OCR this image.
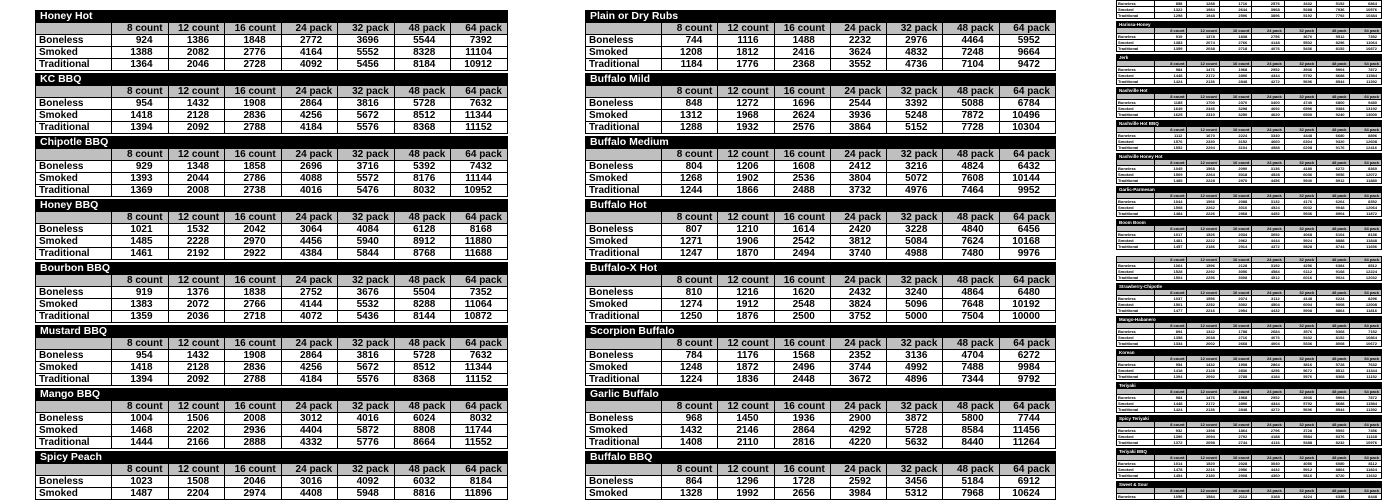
Honey Hot							
	8 count	12 count	16 count	24 pack	32 pack	48 pack	64 pack
Boneless	924	1386	1848	2772	3696	5544	7392
Smoked	1388	2082	2776	4164	5552	8328	11104
Traditional	1364	2046	2728	4092	5456	8184	10912
KC BBQ							
	8 count	12 count	16 count	24 pack	32 pack	48 pack	64 pack
Boneless	954	1432	1908	2864	3816	5728	7632
Smoked	1418	2128	2836	4256	5672	8512	11344
Traditional	1394	2092	2788	4184	5576	8368	11152
Chipotle BBQ							
	8 count	12 count	16 count	24 pack	32 pack	48 pack	64 pack
Boneless	929	1348	1858	2696	3716	5392	7432
Smoked	1393	2044	2786	4088	5572	8176	11144
Traditional	1369	2008	2738	4016	5476	8032	10952
Honey BBQ							
	8 count	12 count	16 count	24 pack	32 pack	48 pack	64 pack
Boneless	1021	1532	2042	3064	4084	6128	8168
Smoked	1485	2228	2970	4456	5940	8912	11880
Traditional	1461	2192	2922	4384	5844	8768	11688
Bourbon BBQ							
	8 count	12 count	16 count	24 pack	32 pack	48 pack	64 pack
Boneless	919	1376	1838	2752	3676	5504	7352
Smoked	1383	2072	2766	4144	5532	8288	11064
Traditional	1359	2036	2718	4072	5436	8144	10872
Mustard BBQ							
	8 count	12 count	16 count	24 pack	32 pack	48 pack	64 pack
Boneless	954	1432	1908	2864	3816	5728	7632
Smoked	1418	2128	2836	4256	5672	8512	11344
Traditional	1394	2092	2788	4184	5576	8368	11152
Mango BBQ							
	8 count	12 count	16 count	24 pack	32 pack	48 pack	64 pack
Boneless	1004	1506	2008	3012	4016	6024	8032
Smoked	1468	2202	2936	4404	5872	8808	11744
Traditional	1444	2166	2888	4332	5776	8664	11552
Spicy Peach							
	8 count	12 count	16 count	24 pack	32 pack	48 pack	64 pack
Boneless	1023	1508	2046	3016	4092	6032	8184
Smoked	1487	2204	2974	4408	5948	8816	11896
Plain or Dry Rubs							
	8 count	12 count	16 count	24 pack	32 pack	48 pack	64 pack
Boneless	744	1116	1488	2232	2976	4464	5952
Smoked	1208	1812	2416	3624	4832	7248	9664
Traditional	1184	1776	2368	3552	4736	7104	9472
Buffalo Mild							
	8 count	12 count	16 count	24 pack	32 pack	48 pack	64 pack
Boneless	848	1272	1696	2544	3392	5088	6784
Smoked	1312	1968	2624	3936	5248	7872	10496
Traditional	1288	1932	2576	3864	5152	7728	10304
Buffalo Medium							
	8 count	12 count	16 count	24 pack	32 pack	48 pack	64 pack
Boneless	804	1206	1608	2412	3216	4824	6432
Smoked	1268	1902	2536	3804	5072	7608	10144
Traditional	1244	1866	2488	3732	4976	7464	9952
Buffalo Hot							
	8 count	12 count	16 count	24 pack	32 pack	48 pack	64 pack
Boneless	807	1210	1614	2420	3228	4840	6456
Smoked	1271	1906	2542	3812	5084	7624	10168
Traditional	1247	1870	2494	3740	4988	7480	9976
Buffalo-X Hot							
	8 count	12 count	16 count	24 pack	32 pack	48 pack	64 pack
Boneless	810	1216	1620	2432	3240	4864	6480
Smoked	1274	1912	2548	3824	5096	7648	10192
Traditional	1250	1876	2500	3752	5000	7504	10000
Scorpion Buffalo							
	8 count	12 count	16 count	24 pack	32 pack	48 pack	64 pack
Boneless	784	1176	1568	2352	3136	4704	6272
Smoked	1248	1872	2496	3744	4992	7488	9984
Traditional	1224	1836	2448	3672	4896	7344	9792
Garlic Buffalo							
	8 count	12 count	16 count	24 pack	32 pack	48 pack	64 pack
Boneless	968	1450	1936	2900	3872	5800	7744
Smoked	1432	2146	2864	4292	5728	8584	11456
Traditional	1408	2110	2816	4220	5632	8440	11264
Buffalo BBQ							
	8 count	12 count	16 count	24 pack	32 pack	48 pack	64 pack
Boneless	864	1296	1728	2592	3456	5184	6912
Smoked	1328	1992	2656	3984	5312	7968	10624
Boneless	858	1288	1716	2576	3432	5152	6864
Smoked	1322	1984	2644	3968	5288	7936	10576
Traditional	1298	1948	2596	3896	5192	7792	10384
Harissa-Honey							
	8 count	12 count	16 count	24 pack	32 pack	48 pack	64 pack
Boneless	919	1378	1838	2756	3676	5512	7352
Smoked	1383	2074	2766	4148	5532	8296	11064
Traditional	1359	2038	2718	4076	5436	8152	10872
Jerk							
	8 count	12 count	16 count	24 pack	32 pack	48 pack	64 pack
Boneless	984	1476	1968	2952	3936	5904	7872
Smoked	1448	2172	2896	4344	5792	8688	11584
Traditional	1424	2136	2848	4272	5696	8544	11392
Nashville Hot							
	8 count	12 count	16 count	24 pack	32 pack	48 pack	64 pack
Boneless	1185	1700	2370	3400	4740	6800	9480
Smoked	1649	2346	3298	4692	6596	9384	13192
Traditional	1625	2310	3250	4620	6500	9240	13000
Nashville Hot BBQ							
	8 count	12 count	16 count	24 pack	32 pack	48 pack	64 pack
Boneless	1112	1670	2224	3340	4448	6680	8896
Smoked	1576	2330	3152	4660	6304	9320	12608
Traditional	1552	2294	3104	4588	6208	9176	12416
Nashville Honey Hot							
	8 count	12 count	16 count	24 pack	32 pack	48 pack	64 pack
Boneless	1045	1568	2090	3136	4180	6272	8360
Smoked	1509	2264	3018	4528	6036	9056	12072
Traditional	1485	2228	2970	4456	5940	8912	11880
Garlic-Parmesan							
	8 count	12 count	16 count	24 pack	32 pack	48 pack	64 pack
Boneless	1044	1566	2088	3132	4176	6264	8352
Smoked	1508	2262	3016	4524	6032	9048	12064
Traditional	1484	2226	2968	4452	5936	8904	11872
Boom Boom							
	8 count	12 count	16 count	24 pack	32 pack	48 pack	64 pack
Boneless	1017	1526	2034	3052	4068	6104	8136
Smoked	1481	2222	2962	4444	5924	8888	11848
Traditional	1457	2186	2914	4372	5828	8744	11656
	8 count	12 count	16 count	24 pack	32 pack	48 pack	64 pack
Boneless	1064	1596	2128	3192	4256	6384	8512
Smoked	1528	2292	3056	4584	6112	9168	12224
Traditional	1504	2256	3008	4512	6016	9024	12032
Strawberry-Chipotle							
	8 count	12 count	16 count	24 pack	32 pack	48 pack	64 pack
Boneless	1037	1556	2074	3112	4148	6224	8296
Smoked	1501	2252	3002	4504	6004	9008	12008
Traditional	1477	2216	2954	4432	5908	8864	11816
Mango-Habanero							
	8 count	12 count	16 count	24 pack	32 pack	48 pack	64 pack
Boneless	894	1342	1788	2684	3576	5368	7152
Smoked	1358	2038	2716	4076	5432	8152	10864
Traditional	1334	2002	2668	4004	5336	8008	10672
Korean							
	8 count	12 count	16 count	24 pack	32 pack	48 pack	64 pack
Boneless	954	1432	1908	2864	3816	5728	7632
Smoked	1418	2128	2836	4256	5672	8512	11344
Traditional	1394	2092	2788	4184	5576	8368	11152
Teriyaki							
	8 count	12 count	16 count	24 pack	32 pack	48 pack	64 pack
Boneless	984	1476	1968	2952	3936	5904	7872
Smoked	1448	2172	2896	4344	5792	8688	11584
Traditional	1424	2136	2848	4272	5696	8544	11392
Spicy Teriyaki							
	8 count	12 count	16 count	24 pack	32 pack	48 pack	64 pack
Boneless	932	1398	1864	2796	3728	5592	7456
Smoked	1396	2094	2792	4188	5584	8376	11168
Traditional	1372	2058	2744	4116	5488	8232	10976
Teriyaki BBQ							
	8 count	12 count	16 count	24 pack	32 pack	48 pack	64 pack
Boneless	1014	1520	2028	3040	4056	6080	8112
Smoked	1478	2216	2956	4432	5912	8864	11824
Traditional	1454	2180	2908	4360	5816	8720	11632
Sweet & Sour							
	8 count	12 count	16 count	24 pack	32 pack	48 pack	64 pack
Boneless	1056	1584	2112	3168	4224	6336	8448
